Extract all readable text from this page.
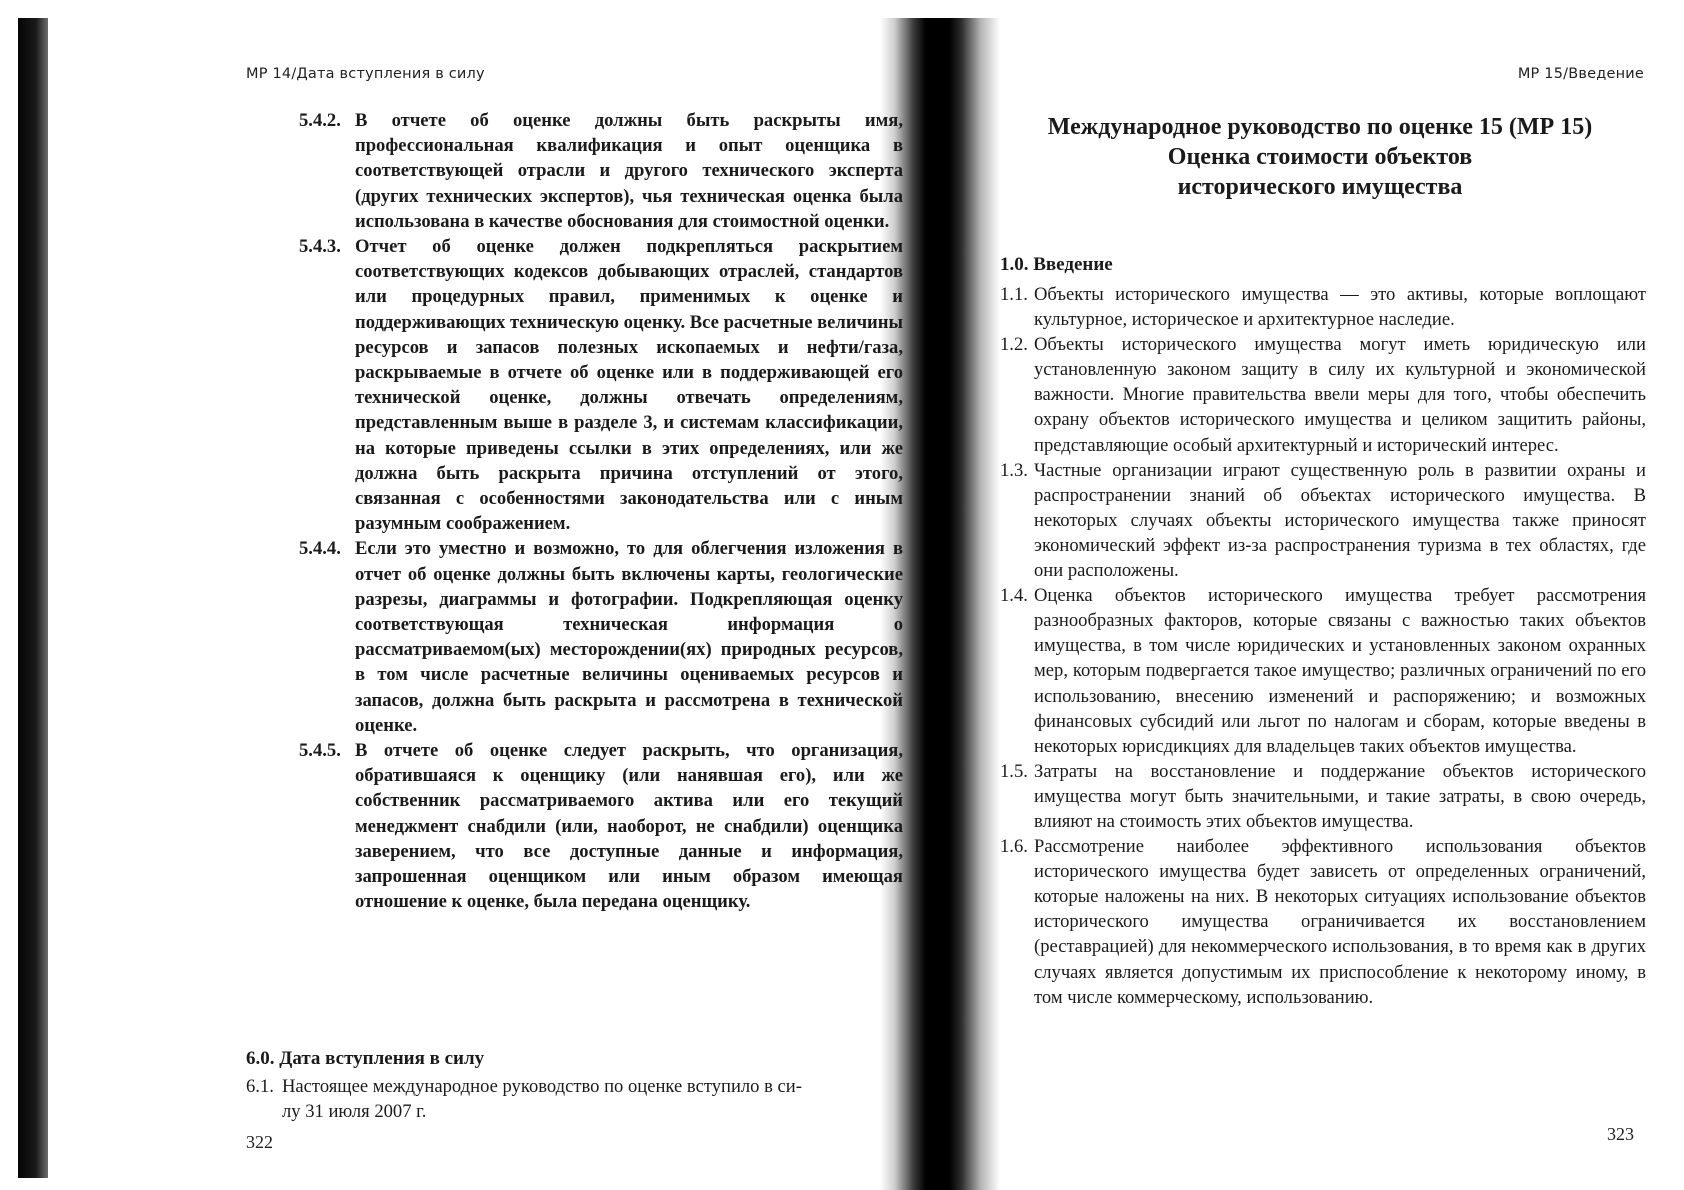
МР 14/Дата вступления в силу
5.4.2. В отчете об оценке должны быть раскрыты имя, профессиональная квалификация и опыт оценщика в соответствующей отрасли и другого технического эксперта (других технических экспертов), чья техническая оценка была использована в качестве обоснования для стоимостной оценки.
5.4.3. Отчет об оценке должен подкрепляться раскрытием соответствующих кодексов добывающих отраслей, стандартов или процедурных правил, применимых к оценке и поддерживающих техническую оценку. Все расчетные величины ресурсов и запасов полезных ископаемых и нефти/газа, раскрываемые в отчете об оценке или в поддерживающей его технической оценке, должны отвечать определениям, представленным выше в разделе 3, и системам классификации, на которые приведены ссылки в этих определениях, или же должна быть раскрыта причина отступлений от этого, связанная с особенностями законодательства или с иным разумным соображением.
5.4.4. Если это уместно и возможно, то для облегчения изложения в отчет об оценке должны быть включены карты, геологические разрезы, диаграммы и фотографии. Подкрепляющая оценку соответствующая техническая информация о рассматриваемом(ых) месторождении(ях) природных ресурсов, в том числе расчетные величины оцениваемых ресурсов и запасов, должна быть раскрыта и рассмотрена в технической оценке.
5.4.5. В отчете об оценке следует раскрыть, что организация, обратившаяся к оценщику (или нанявшая его), или же собственник рассматриваемого актива или его текущий менеджмент снабдили (или, наоборот, не снабдили) оценщика заверением, что все доступные данные и информация, запрошенная оценщиком или иным образом имеющая отношение к оценке, была передана оценщику.
6.0. Дата вступления в силу
6.1. Настоящее международное руководство по оценке вступило в си-
лу 31 июля 2007 г.
322
МР 15/Введение
Международное руководство по оценке 15 (МР 15)
Оценка стоимости объектов
исторического имущества
1.0. Введение
1.1. Объекты исторического имущества — это активы, которые воплощают культурное, историческое и архитектурное наследие.
1.2. Объекты исторического имущества могут иметь юридическую или установленную законом защиту в силу их культурной и экономической важности. Многие правительства ввели меры для того, чтобы обеспечить охрану объектов исторического имущества и целиком защитить районы, представляющие особый архитектурный и исторический интерес.
1.3. Частные организации играют существенную роль в развитии охраны и распространении знаний об объектах исторического имущества. В некоторых случаях объекты исторического имущества также приносят экономический эффект из-за распространения туризма в тех областях, где они расположены.
1.4. Оценка объектов исторического имущества требует рассмотрения разнообразных факторов, которые связаны с важностью таких объектов имущества, в том числе юридических и установленных законом охранных мер, которым подвергается такое имущество; различных ограничений по его использованию, внесению изменений и распоряжению; и возможных финансовых субсидий или льгот по налогам и сборам, которые введены в некоторых юрисдикциях для владельцев таких объектов имущества.
1.5. Затраты на восстановление и поддержание объектов исторического имущества могут быть значительными, и такие затраты, в свою очередь, влияют на стоимость этих объектов имущества.
1.6. Рассмотрение наиболее эффективного использования объектов исторического имущества будет зависеть от определенных ограничений, которые наложены на них. В некоторых ситуациях использование объектов исторического имущества ограничивается их восстановлением (реставрацией) для некоммерческого использования, в то время как в других случаях является допустимым их приспособление к некоторому иному, в том числе коммерческому, использованию.
323
